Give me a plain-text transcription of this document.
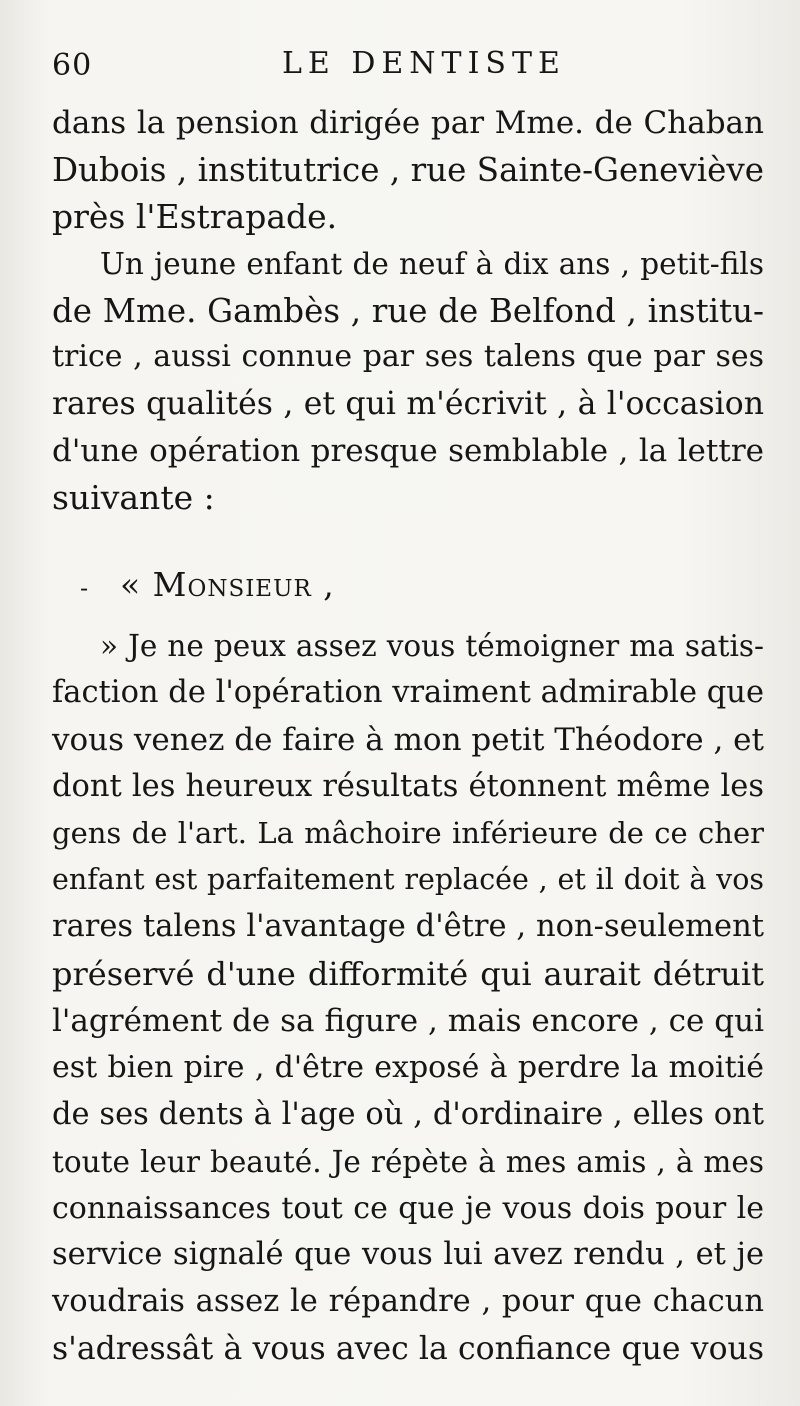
60	LE DENTISTE
dans la pension dirigée par Mme. de Chaban
Dubois , institutrice , rue Sainte-Geneviève
près l'Estrapade.
Un jeune enfant de neuf à dix ans , petit-fils
de Mme. Gambès , rue de Belfond , institu-
trice , aussi connue par ses talens que par ses
rares qualités , et qui m'écrivit , à l'occasion
d'une opération presque semblable , la lettre
suivante :
- « Monsieur ,
» Je ne peux assez vous témoigner ma satis-
faction de l'opération vraiment admirable que
vous venez de faire à mon petit Théodore , et
dont les heureux résultats étonnent même les
gens de l'art. La mâchoire inférieure de ce cher
enfant est parfaitement replacée , et il doit à vos
rares talens l'avantage d'être , non-seulement
préservé d'une difformité qui aurait détruit
l'agrément de sa figure , mais encore , ce qui
est bien pire , d'être exposé à perdre la moitié
de ses dents à l'age où , d'ordinaire , elles ont
toute leur beauté. Je répète à mes amis , à mes
connaissances tout ce que je vous dois pour le
service signalé que vous lui avez rendu , et je
voudrais assez le répandre , pour que chacun
s'adressât à vous avec la confiance que vous
